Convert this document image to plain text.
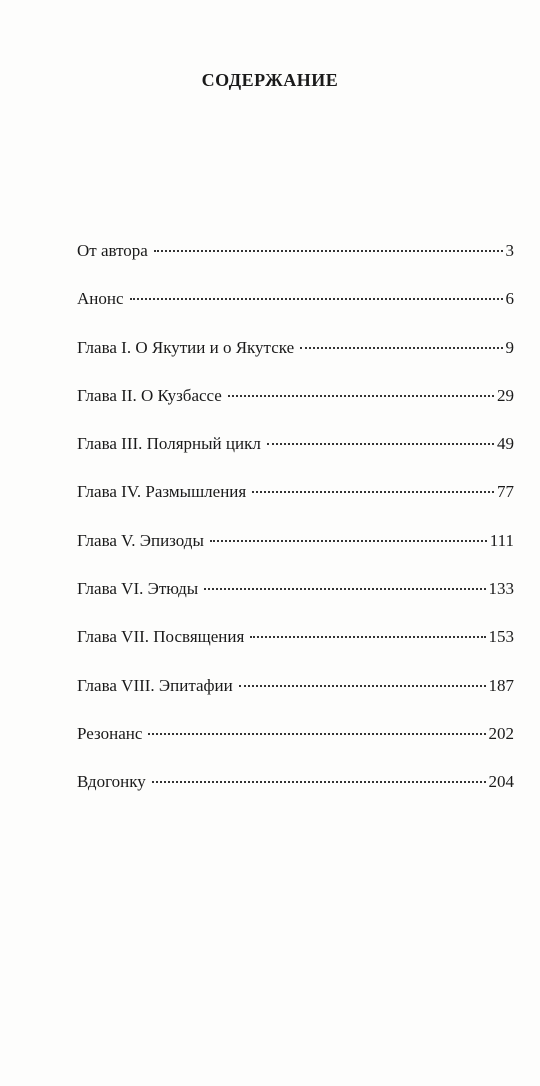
СОДЕРЖАНИЕ
От автора	3
Анонс	6
Глава I. О Якутии и о Якутске	9
Глава II. О Кузбассе	29
Глава III. Полярный цикл	49
Глава IV. Размышления	77
Глава V. Эпизоды	111
Глава VI. Этюды	133
Глава VII. Посвящения	153
Глава VIII. Эпитафии	187
Резонанс	202
Вдогонку	204
